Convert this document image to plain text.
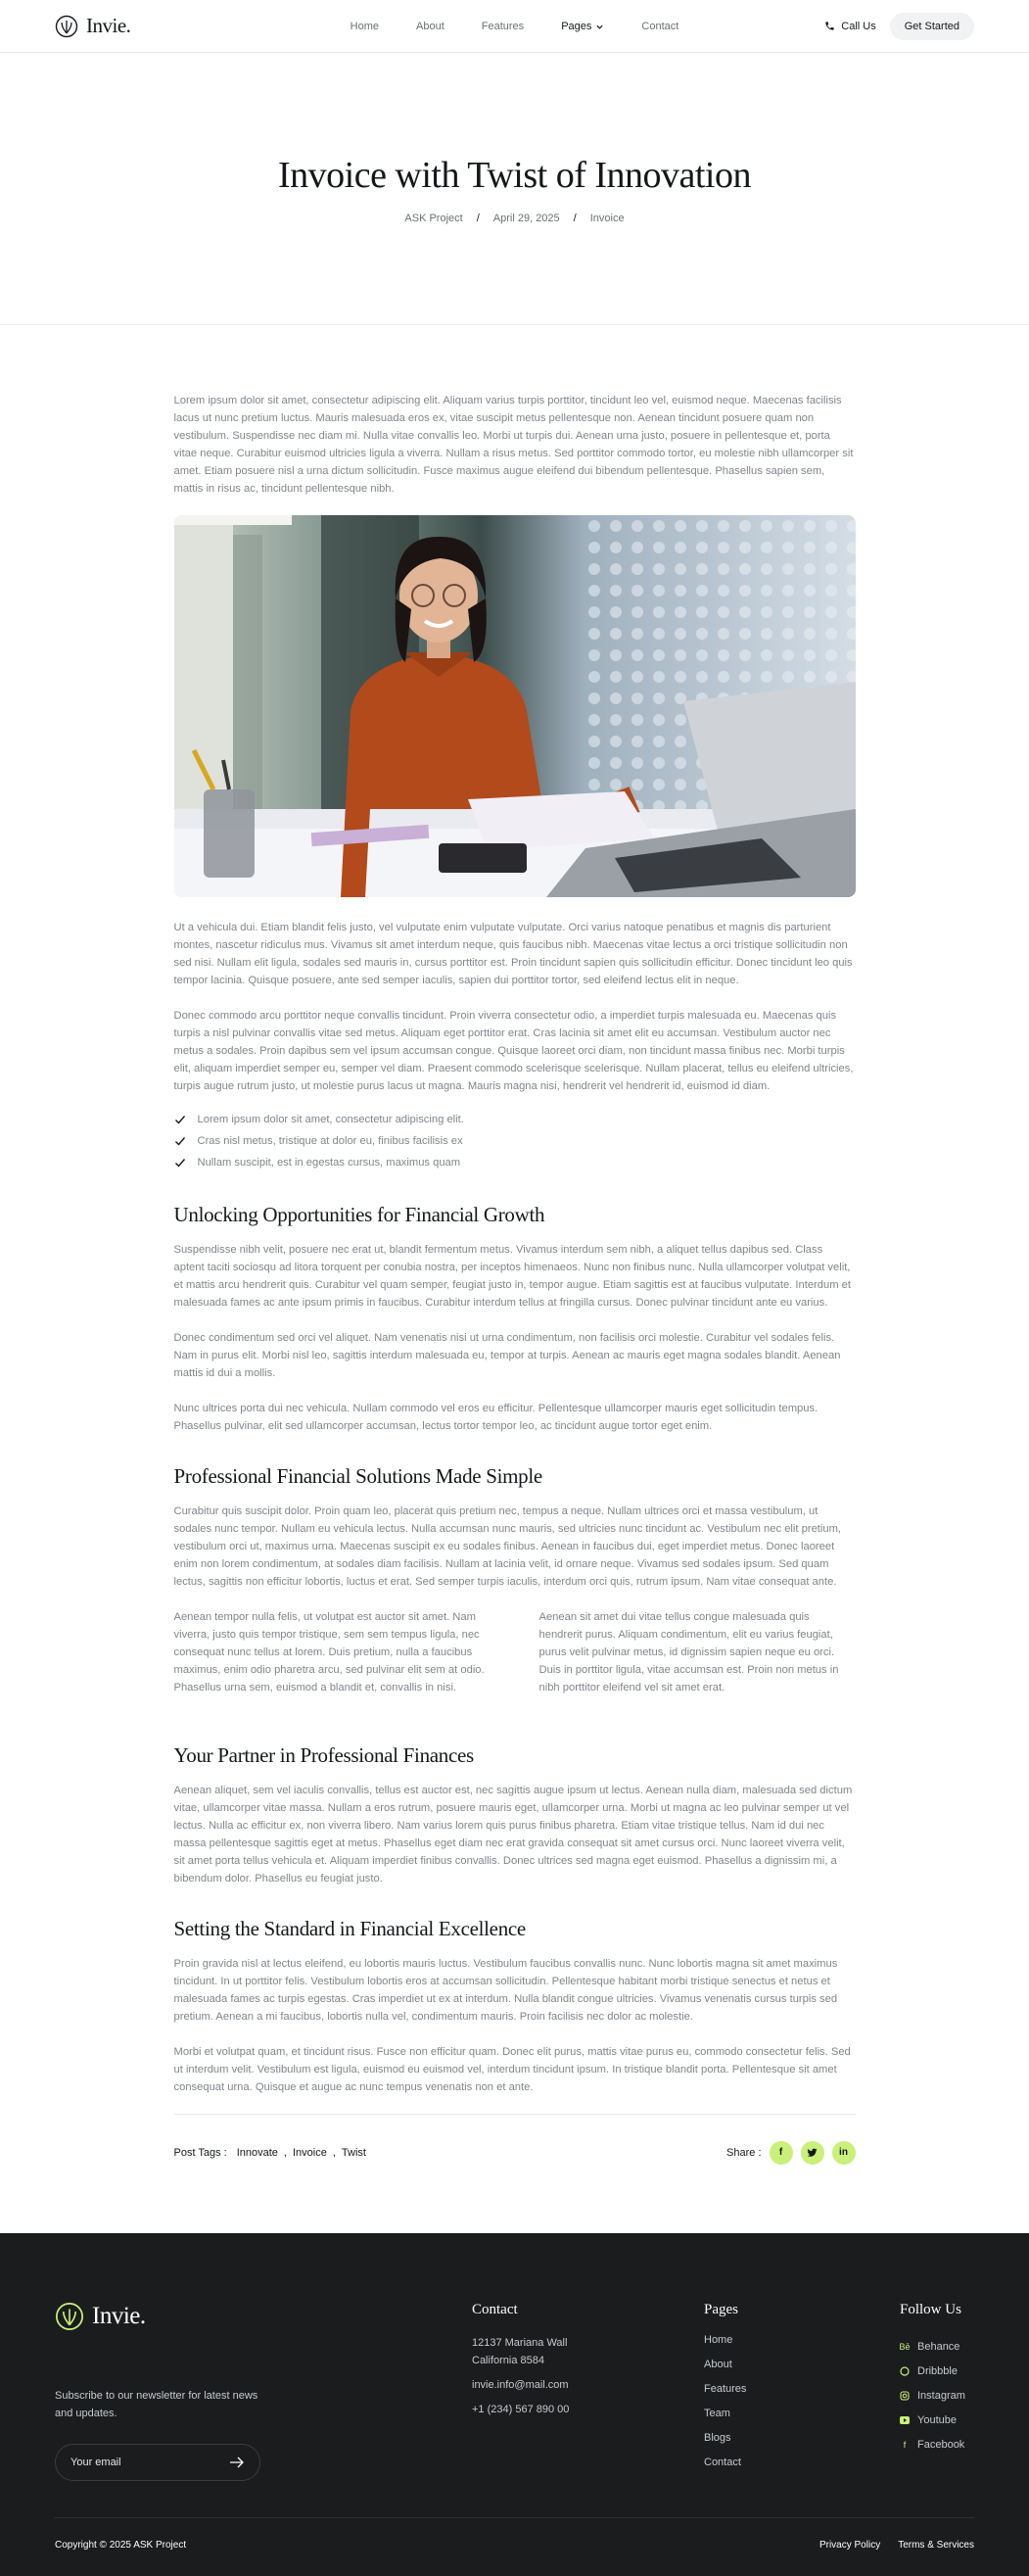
Invie.	Home	About	Features	Pages	Contact	Call Us	Get Started
Invoice with Twist of Innovation
ASK Project / April 29, 2025 / Invoice

Lorem ipsum dolor sit amet, consectetur adipiscing elit. Aliquam varius turpis porttitor, tincidunt leo vel, euismod neque. Maecenas facilisis lacus ut nunc pretium luctus. Mauris malesuada eros ex, vitae suscipit metus pellentesque non. Aenean tincidunt posuere quam non vestibulum. Suspendisse nec diam mi. Nulla vitae convallis leo. Morbi ut turpis dui. Aenean urna justo, posuere in pellentesque et, porta vitae neque. Curabitur euismod ultricies ligula a viverra. Nullam a risus metus. Sed porttitor commodo tortor, eu molestie nibh ullamcorper sit amet. Etiam posuere nisl a urna dictum sollicitudin. Fusce maximus augue eleifend dui bibendum pellentesque. Phasellus sapien sem, mattis in risus ac, tincidunt pellentesque nibh.

Ut a vehicula dui. Etiam blandit felis justo, vel vulputate enim vulputate vulputate. Orci varius natoque penatibus et magnis dis parturient montes, nascetur ridiculus mus. Vivamus sit amet interdum neque, quis faucibus nibh. Maecenas vitae lectus a orci tristique sollicitudin non sed nisi. Nullam elit ligula, sodales sed mauris in, cursus porttitor est. Proin tincidunt sapien quis sollicitudin efficitur. Donec tincidunt leo quis tempor lacinia. Quisque posuere, ante sed semper iaculis, sapien dui porttitor tortor, sed eleifend lectus elit in neque.

Donec commodo arcu porttitor neque convallis tincidunt. Proin viverra consectetur odio, a imperdiet turpis malesuada eu. Maecenas quis turpis a nisl pulvinar convallis vitae sed metus. Aliquam eget porttitor erat. Cras lacinia sit amet elit eu accumsan. Vestibulum auctor nec metus a sodales. Proin dapibus sem vel ipsum accumsan congue. Quisque laoreet orci diam, non tincidunt massa finibus nec. Morbi turpis elit, aliquam imperdiet semper eu, semper vel diam. Praesent commodo scelerisque scelerisque. Nullam placerat, tellus eu eleifend ultricies, turpis augue rutrum justo, ut molestie purus lacus ut magna. Mauris magna nisi, hendrerit vel hendrerit id, euismod id diam.

Lorem ipsum dolor sit amet, consectetur adipiscing elit.
Cras nisl metus, tristique at dolor eu, finibus facilisis ex
Nullam suscipit, est in egestas cursus, maximus quam
Unlocking Opportunities for Financial Growth

Suspendisse nibh velit, posuere nec erat ut, blandit fermentum metus. Vivamus interdum sem nibh, a aliquet tellus dapibus sed. Class aptent taciti sociosqu ad litora torquent per conubia nostra, per inceptos himenaeos. Nunc non finibus nunc. Nulla ullamcorper volutpat velit, et mattis arcu hendrerit quis. Curabitur vel quam semper, feugiat justo in, tempor augue. Etiam sagittis est at faucibus vulputate. Interdum et malesuada fames ac ante ipsum primis in faucibus. Curabitur interdum tellus at fringilla cursus. Donec pulvinar tincidunt ante eu varius.

Donec condimentum sed orci vel aliquet. Nam venenatis nisi ut urna condimentum, non facilisis orci molestie. Curabitur vel sodales felis. Nam in purus elit. Morbi nisl leo, sagittis interdum malesuada eu, tempor at turpis. Aenean ac mauris eget magna sodales blandit. Aenean mattis id dui a mollis.

Nunc ultrices porta dui nec vehicula. Nullam commodo vel eros eu efficitur. Pellentesque ullamcorper mauris eget sollicitudin tempus. Phasellus pulvinar, elit sed ullamcorper accumsan, lectus tortor tempor leo, ac tincidunt augue tortor eget enim.

Professional Financial Solutions Made Simple

Curabitur quis suscipit dolor. Proin quam leo, placerat quis pretium nec, tempus a neque. Nullam ultrices orci et massa vestibulum, ut sodales nunc tempor. Nullam eu vehicula lectus. Nulla accumsan nunc mauris, sed ultricies nunc tincidunt ac. Vestibulum nec elit pretium, vestibulum orci ut, maximus urna. Maecenas suscipit ex eu sodales finibus. Aenean in faucibus dui, eget imperdiet metus. Donec laoreet enim non lorem condimentum, at sodales diam facilisis. Nullam at lacinia velit, id ornare neque. Vivamus sed sodales ipsum. Sed quam lectus, sagittis non efficitur lobortis, luctus et erat. Sed semper turpis iaculis, interdum orci quis, rutrum ipsum. Nam vitae consequat ante.

Aenean tempor nulla felis, ut volutpat est auctor sit amet. Nam viverra, justo quis tempor tristique, sem sem tempus ligula, nec consequat nunc tellus at lorem. Duis pretium, nulla a faucibus maximus, enim odio pharetra arcu, sed pulvinar elit sem at odio. Phasellus urna sem, euismod a blandit et, convallis in nisi.

Aenean sit amet dui vitae tellus congue malesuada quis hendrerit purus. Aliquam condimentum, elit eu varius feugiat, purus velit pulvinar metus, id dignissim sapien neque eu orci. Duis in porttitor ligula, vitae accumsan est. Proin non metus in nibh porttitor eleifend vel sit amet erat.

Your Partner in Professional Finances

Aenean aliquet, sem vel iaculis convallis, tellus est auctor est, nec sagittis augue ipsum ut lectus. Aenean nulla diam, malesuada sed dictum vitae, ullamcorper vitae massa. Nullam a eros rutrum, posuere mauris eget, ullamcorper urna. Morbi ut magna ac leo pulvinar semper ut vel lectus. Nulla ac efficitur ex, non viverra libero. Nam varius lorem quis purus finibus pharetra. Etiam vitae tristique tellus. Nam id dui nec massa pellentesque sagittis eget at metus. Phasellus eget diam nec erat gravida consequat sit amet cursus orci. Nunc laoreet viverra velit, sit amet porta tellus vehicula et. Aliquam imperdiet finibus convallis. Donec ultrices sed magna eget euismod. Phasellus a dignissim mi, a bibendum dolor. Phasellus eu feugiat justo.

Setting the Standard in Financial Excellence

Proin gravida nisl at lectus eleifend, eu lobortis mauris luctus. Vestibulum faucibus convallis nunc. Nunc lobortis magna sit amet maximus tincidunt. In ut porttitor felis. Vestibulum lobortis eros at accumsan sollicitudin. Pellentesque habitant morbi tristique senectus et netus et malesuada fames ac turpis egestas. Cras imperdiet ut ex at interdum. Nulla blandit congue ultricies. Vivamus venenatis cursus turpis sed pretium. Aenean a mi faucibus, lobortis nulla vel, condimentum mauris. Proin facilisis nec dolor ac molestie.

Morbi et volutpat quam, et tincidunt risus. Fusce non efficitur quam. Donec elit purus, mattis vitae purus eu, commodo consectetur felis. Sed ut interdum velit. Vestibulum est ligula, euismod eu euismod vel, interdum tincidunt ipsum. In tristique blandit porta. Pellentesque sit amet consequat urna. Quisque et augue ac nunc tempus venenatis non et ante.

Post Tags : Innovate , Invoice , Twist	Share :	f	in
Invie.

Subscribe to our newsletter for latest news and updates.

Your email
Contact
12137 Mariana Wall
California 8584
invie.info@mail.com
+1 (234) 567 890 00
Pages
Home
About
Features
Team
Blogs
Contact
Follow Us
Bē Behance
Dribbble
Instagram
Youtube
f	Facebook
Copyright © 2025 ASK Project	Privacy Policy Terms & Services
